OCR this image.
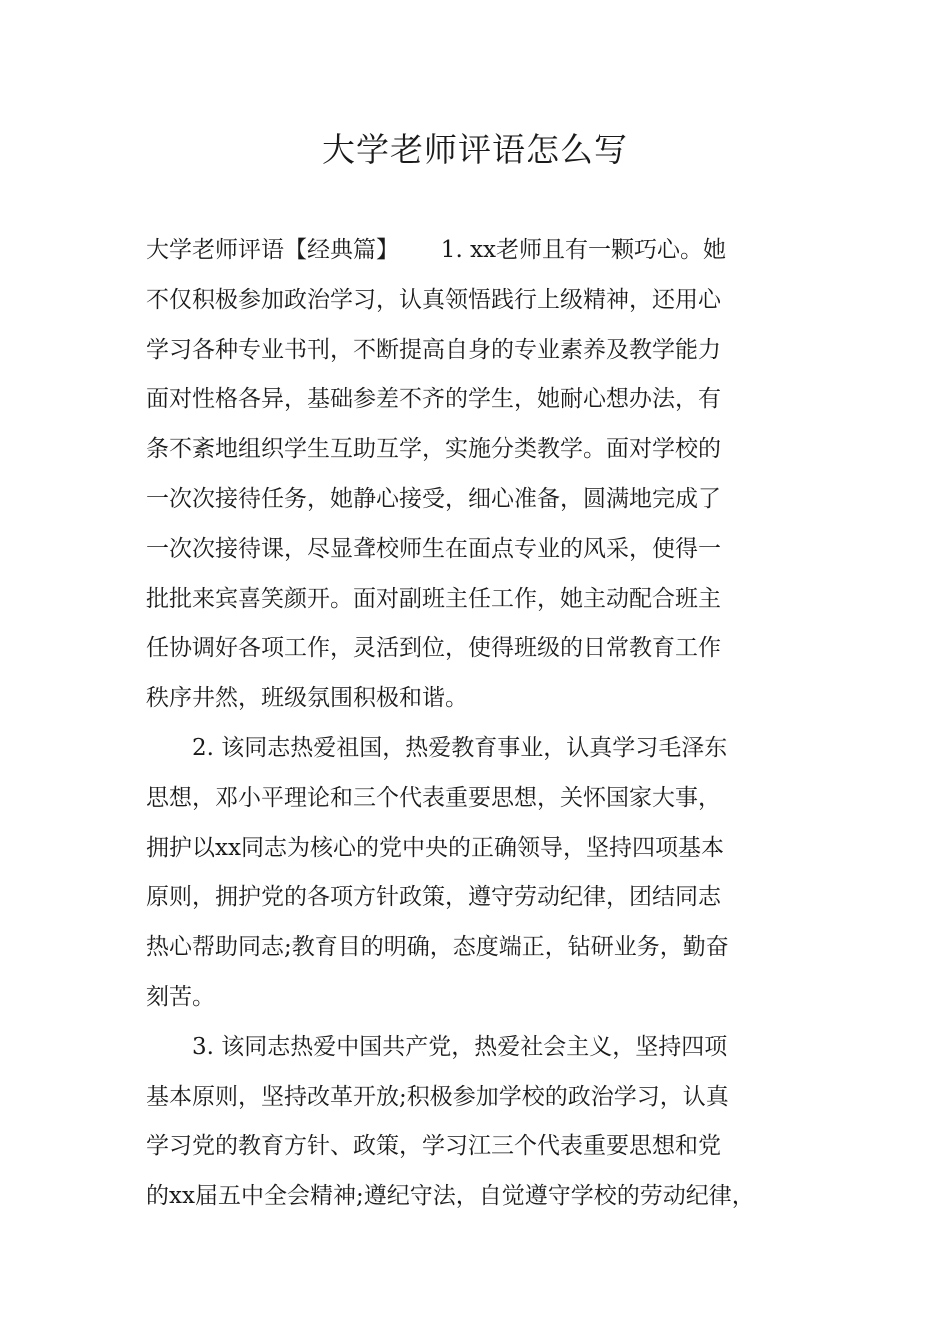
大学老师评语怎么写
大学老师评语【经典篇】　　 1. xx老师且有一颗巧心。她
不仅积极参加政治学习，认真领悟践行上级精神，还用心
学习各种专业书刊，不断提高自身的专业素养及教学能力
面对性格各异，基础参差不齐的学生，她耐心想办法，有
条不紊地组织学生互助互学，实施分类教学。面对学校的
一次次接待任务，她静心接受，细心准备，圆满地完成了
一次次接待课，尽显聋校师生在面点专业的风采，使得一
批批来宾喜笑颜开。面对副班主任工作，她主动配合班主
任协调好各项工作，灵活到位，使得班级的日常教育工作
秩序井然，班级氛围积极和谐。
　　2. 该同志热爱祖国，热爱教育事业，认真学习毛泽东
思想，邓小平理论和三个代表重要思想，关怀国家大事，
拥护以xx同志为核心的党中央的正确领导，坚持四项基本
原则，拥护党的各项方针政策，遵守劳动纪律，团结同志
热心帮助同志;教育目的明确，态度端正，钻研业务，勤奋
刻苦。
　　3. 该同志热爱中国共产党，热爱社会主义，坚持四项
基本原则，坚持改革开放;积极参加学校的政治学习，认真
学习党的教育方针、政策，学习江三个代表重要思想和党
的xx届五中全会精神;遵纪守法，自觉遵守学校的劳动纪律，
